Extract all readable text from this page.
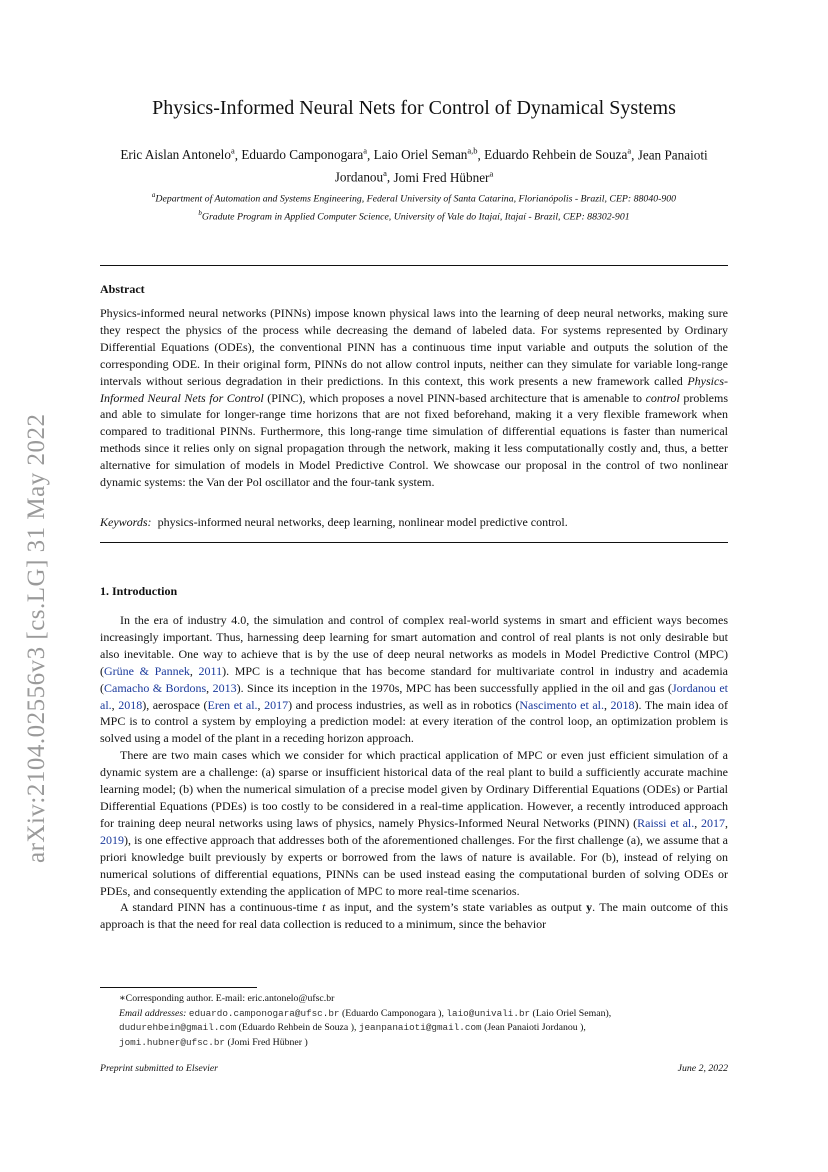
arXiv:2104.02556v3 [cs.LG] 31 May 2022
Physics-Informed Neural Nets for Control of Dynamical Systems
Eric Aislan Antonelo$^a$, Eduardo Camponogara$^a$, Laio Oriel Seman$^{a,b}$, Eduardo Rehbein de Souza$^a$, Jean Panaioti
Jordanou$^a$, Jomi Fred Hübner$^a$
$^a$Department of Automation and Systems Engineering, Federal University of Santa Catarina, Florianópolis - Brazil, CEP: 88040-900
$^b$Gradute Program in Applied Computer Science, University of Vale do Itajaí, Itajaí - Brazil, CEP: 88302-901
Abstract
Physics-informed neural networks (PINNs) impose known physical laws into the learning of deep neural networks, making sure they respect the physics of the process while decreasing the demand of labeled data. For systems represented by Ordinary Differential Equations (ODEs), the conventional PINN has a continuous time input variable and outputs the solution of the corresponding ODE. In their original form, PINNs do not allow control inputs, neither can they simulate for variable long-range intervals without serious degradation in their predictions. In this context, this work presents a new framework called Physics-Informed Neural Nets for Control (PINC), which proposes a novel PINN-based architecture that is amenable to control problems and able to simulate for longer-range time horizons that are not fixed beforehand, making it a very flexible framework when compared to traditional PINNs. Furthermore, this long-range time simulation of differential equations is faster than numerical methods since it relies only on signal propagation through the network, making it less computationally costly and, thus, a better alternative for simulation of models in Model Predictive Control. We showcase our proposal in the control of two nonlinear dynamic systems: the Van der Pol oscillator and the four-tank system.
Keywords: physics-informed neural networks, deep learning, nonlinear model predictive control.
1. Introduction

In the era of industry 4.0, the simulation and control of complex real-world systems in smart and efficient ways becomes increasingly important. Thus, harnessing deep learning for smart automation and control of real plants is not only desirable but also inevitable. One way to achieve that is by the use of deep neural networks as models in Model Predictive Control (MPC) (Grüne & Pannek, 2011). MPC is a technique that has become standard for multivariate control in industry and academia (Camacho & Bordons, 2013). Since its inception in the 1970s, MPC has been successfully applied in the oil and gas (Jordanou et al., 2018), aerospace (Eren et al., 2017) and process industries, as well as in robotics (Nascimento et al., 2018). The main idea of MPC is to control a system by employing a prediction model: at every iteration of the control loop, an optimization problem is solved using a model of the plant in a receding horizon approach.

There are two main cases which we consider for which practical application of MPC or even just efficient simulation of a dynamic system are a challenge: (a) sparse or insufficient historical data of the real plant to build a sufficiently accurate machine learning model; (b) when the numerical simulation of a precise model given by Ordinary Differential Equations (ODEs) or Partial Differential Equations (PDEs) is too costly to be considered in a real-time application. However, a recently introduced approach for training deep neural networks using laws of physics, namely Physics-Informed Neural Networks (PINN) (Raissi et al., 2017, 2019), is one effective approach that addresses both of the aforementioned challenges. For the first challenge (a), we assume that a priori knowledge built previously by experts or borrowed from the laws of nature is available. For (b), instead of relying on numerical solutions of differential equations, PINNs can be used instead easing the computational burden of solving ODEs or PDEs, and consequently extending the application of MPC to more real-time scenarios.

A standard PINN has a continuous-time t as input, and the system’s state variables as output y. The main outcome of this approach is that the need for real data collection is reduced to a minimum, since the behavior

∗Corresponding author. E-mail: eric.antonelo@ufsc.br

Email addresses: eduardo.camponogara@ufsc.br (Eduardo Camponogara ), laio@univali.br (Laio Oriel Seman),
dudurehbein@gmail.com (Eduardo Rehbein de Souza ), jeanpanaioti@gmail.com (Jean Panaioti Jordanou ),
jomi.hubner@ufsc.br (Jomi Fred Hübner )

Preprint submitted to Elsevier	June 2, 2022
